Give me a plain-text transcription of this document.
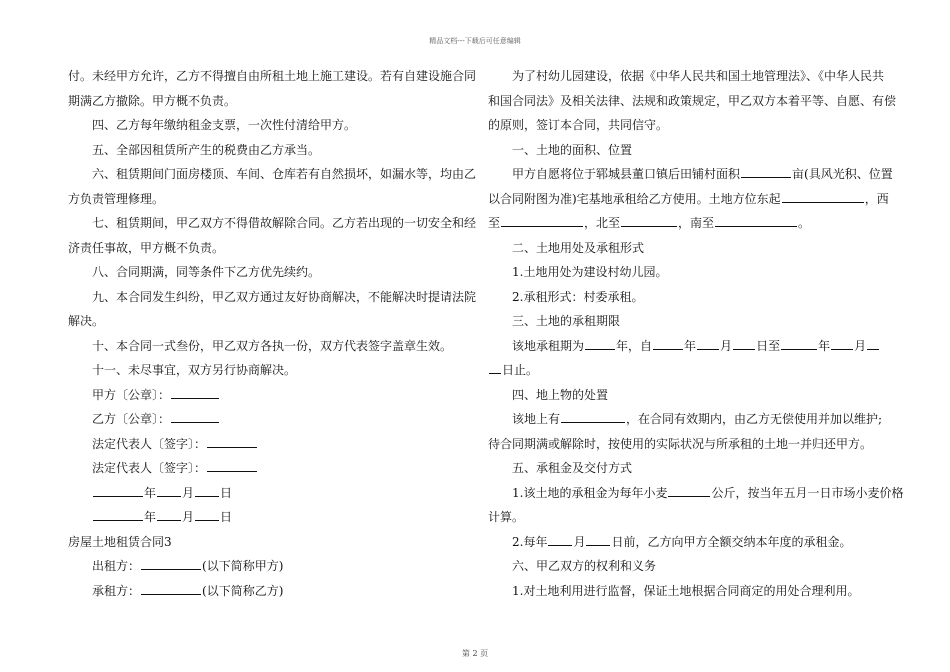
精品文档---下载后可任意编辑
付。未经甲方允许，乙方不得擅自由所租土地上施工建设。若有自建设施合同
期满乙方撤除。甲方概不负责。
四、乙方每年缴纳租金支票，一次性付清给甲方。
五、全部因租赁所产生的税费由乙方承当。
六、租赁期间门面房楼顶、车间、仓库若有自然损坏，如漏水等，均由乙
方负责管理修理。
七、租赁期间，甲乙双方不得借故解除合同。乙方若出现的一切安全和经
济责任事故，甲方概不负责。
八、合同期满，同等条件下乙方优先续约。
九、本合同发生纠纷，甲乙双方通过友好协商解决，不能解决时提请法院
解决。
十、本合同一式叁份，甲乙双方各执一份，双方代表签字盖章生效。
十一、未尽事宜，双方另行协商解决。
甲方〔公章〕：
乙方〔公章〕：
法定代表人〔签字〕：
法定代表人〔签字〕：
年 月 日
年 月 日
房屋土地租赁合同3
出租方：	(以下简称甲方)
承租方：	(以下简称乙方)
为了村幼儿园建设，依据《中华人民共和国土地管理法》、《中华人民共
和国合同法》及相关法律、法规和政策规定，甲乙双方本着平等、自愿、有偿
的原则，签订本合同，共同信守。
一、土地的面积、位置
甲方自愿将位于郓城县董口镇后田铺村面积	亩(具风光积、位置
以合同附图为准)宅基地承租给乙方使用。土地方位东起	，西
至	，北至	，南至	。
二、土地用处及承租形式
1.土地用处为建设村幼儿园。
2.承租形式：村委承租。
三、土地的承租期限
该地承租期为	年，自	年 月 日至	年 月
日止。
四、地上物的处置
该地上有	，在合同有效期内，由乙方无偿使用并加以维护;
待合同期满或解除时，按使用的实际状况与所承租的土地一并归还甲方。
五、承租金及交付方式
1.该土地的承租金为每年小麦	公斤，按当年五月一日市场小麦价格
计算。
2.每年 月 日前，乙方向甲方全额交纳本年度的承租金。
六、甲乙双方的权利和义务
1.对土地利用进行监督，保证土地根据合同商定的用处合理利用。
第 2 页
